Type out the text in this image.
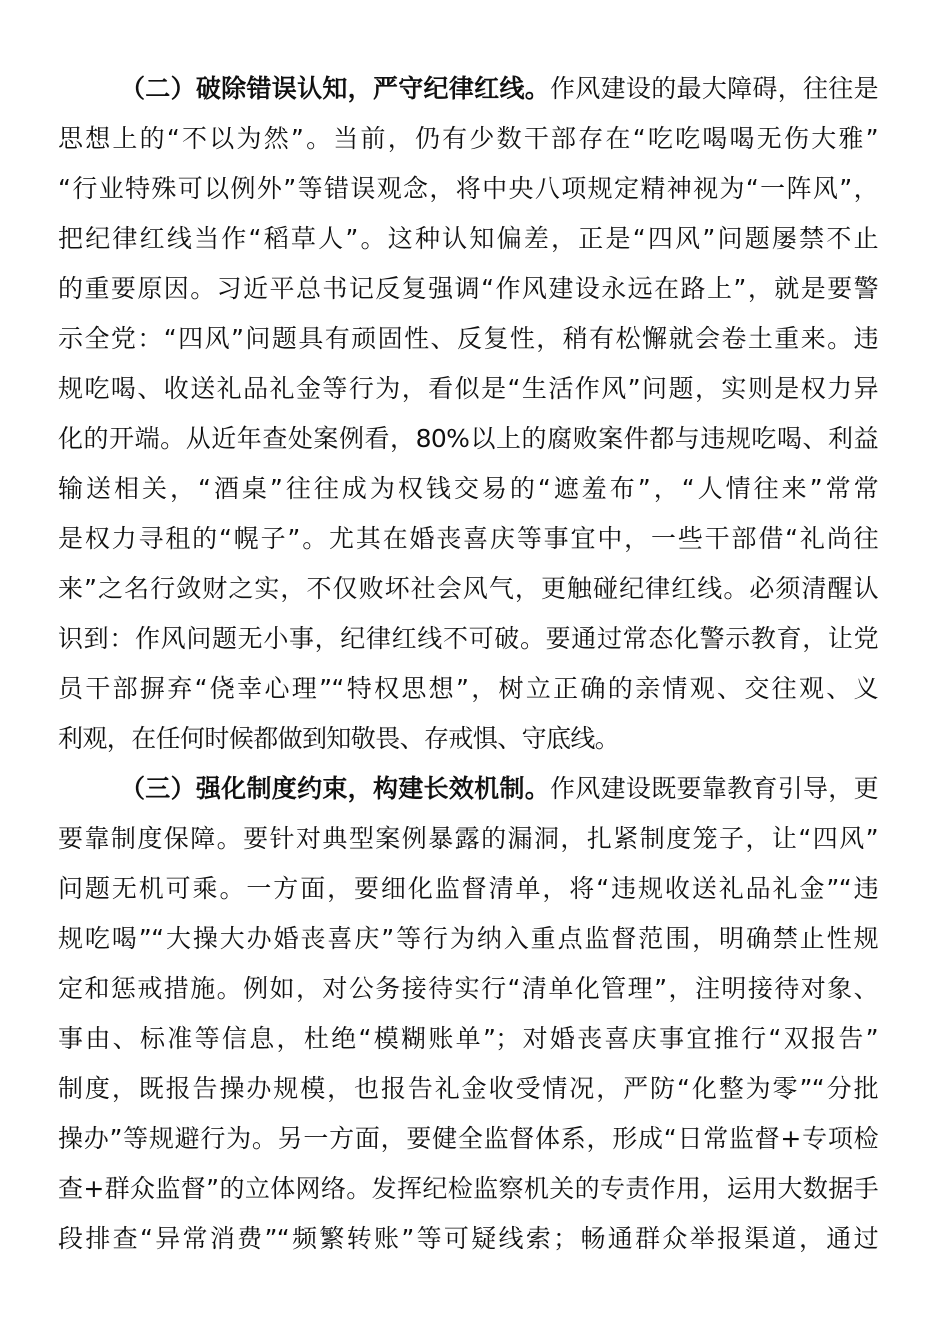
（二）破除错误认知，严守纪律红线。作风建设的最大障碍，往往是
思想上的“不以为然”。当前，仍有少数干部存在“吃吃喝喝无伤大雅”
“行业特殊可以例外”等错误观念，将中央八项规定精神视为“一阵风”，
把纪律红线当作“稻草人”。这种认知偏差，正是“四风”问题屡禁不止
的重要原因。习近平总书记反复强调“作风建设永远在路上”，就是要警
示全党：“四风”问题具有顽固性、反复性，稍有松懈就会卷土重来。违
规吃喝、收送礼品礼金等行为，看似是“生活作风”问题，实则是权力异
化的开端。从近年查处案例看，80%以上的腐败案件都与违规吃喝、利益
输送相关，“酒桌”往往成为权钱交易的“遮羞布”，“人情往来”常常
是权力寻租的“幌子”。尤其在婚丧喜庆等事宜中，一些干部借“礼尚往
来”之名行敛财之实，不仅败坏社会风气，更触碰纪律红线。必须清醒认
识到：作风问题无小事，纪律红线不可破。要通过常态化警示教育，让党
员干部摒弃“侥幸心理”“特权思想”，树立正确的亲情观、交往观、义
利观，在任何时候都做到知敬畏、存戒惧、守底线。
（三）强化制度约束，构建长效机制。作风建设既要靠教育引导，更
要靠制度保障。要针对典型案例暴露的漏洞，扎紧制度笼子，让“四风”
问题无机可乘。一方面，要细化监督清单，将“违规收送礼品礼金”“违
规吃喝”“大操大办婚丧喜庆”等行为纳入重点监督范围，明确禁止性规
定和惩戒措施。例如，对公务接待实行“清单化管理”，注明接待对象、
事由、标准等信息，杜绝“模糊账单”；对婚丧喜庆事宜推行“双报告”
制度，既报告操办规模，也报告礼金收受情况，严防“化整为零”“分批
操办”等规避行为。另一方面，要健全监督体系，形成“日常监督+专项检
查+群众监督”的立体网络。发挥纪检监察机关的专责作用，运用大数据手
段排查“异常消费”“频繁转账”等可疑线索；畅通群众举报渠道，通过
